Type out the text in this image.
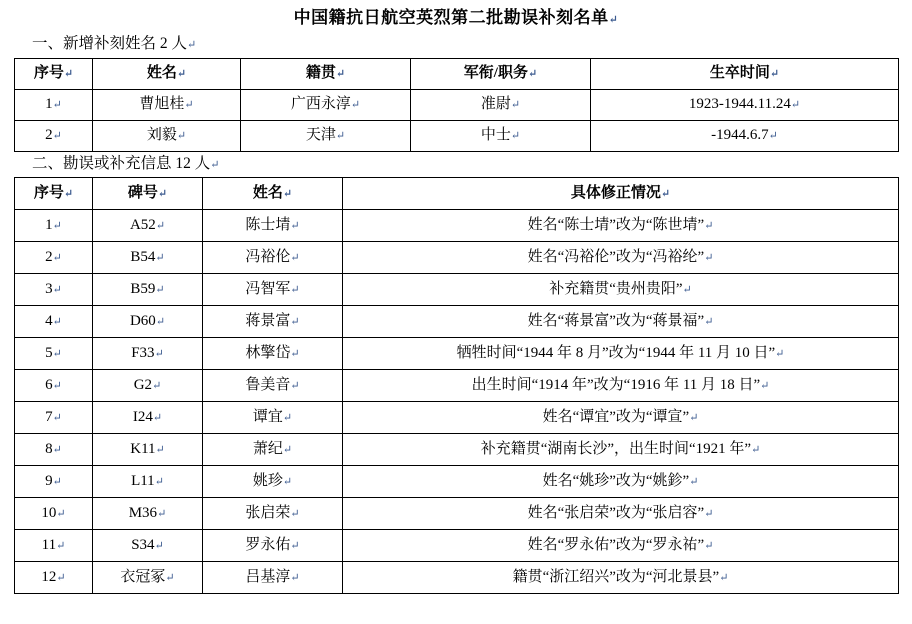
中国籍抗日航空英烈第二批勘误补刻名单↵
一、新增补刻姓名 2 人↵
序号↵	姓名↵	籍贯↵	军衔/职务↵	生卒时间↵
1↵	曹旭桂↵	广西永淳↵	准尉↵	1923-1944.11.24↵
2↵	刘毅↵	天津↵	中士↵	-1944.6.7↵
二、勘误或补充信息 12 人↵
序号↵	碑号↵	姓名↵	具体修正情况↵
1↵	A52↵	陈士埥↵	姓名“陈士埥”改为“陈世埥”↵
2↵	B54↵	冯裕伦↵	姓名“冯裕伦”改为“冯裕纶”↵
3↵	B59↵	冯智军↵	补充籍贯“贵州贵阳”↵
4↵	D60↵	蒋景富↵	姓名“蒋景富”改为“蒋景福”↵
5↵	F33↵	林擎岱↵	牺牲时间“1944 年 8 月”改为“1944 年 11 月 10 日”↵
6↵	G2↵	鲁美音↵	出生时间“1914 年”改为“1916 年 11 月 18 日”↵
7↵	I24↵	谭宜↵	姓名“谭宜”改为“谭宣”↵
8↵	K11↵	萧纪↵	补充籍贯“湖南长沙”，出生时间“1921 年”↵
9↵	L11↵	姚珍↵	姓名“姚珍”改为“姚鉁”↵
10↵	M36↵	张启荣↵	姓名“张启荣”改为“张启容”↵
11↵	S34↵	罗永佑↵	姓名“罗永佑”改为“罗永祐”↵
12↵	衣冠冢↵	吕基淳↵	籍贯“浙江绍兴”改为“河北景县”↵
